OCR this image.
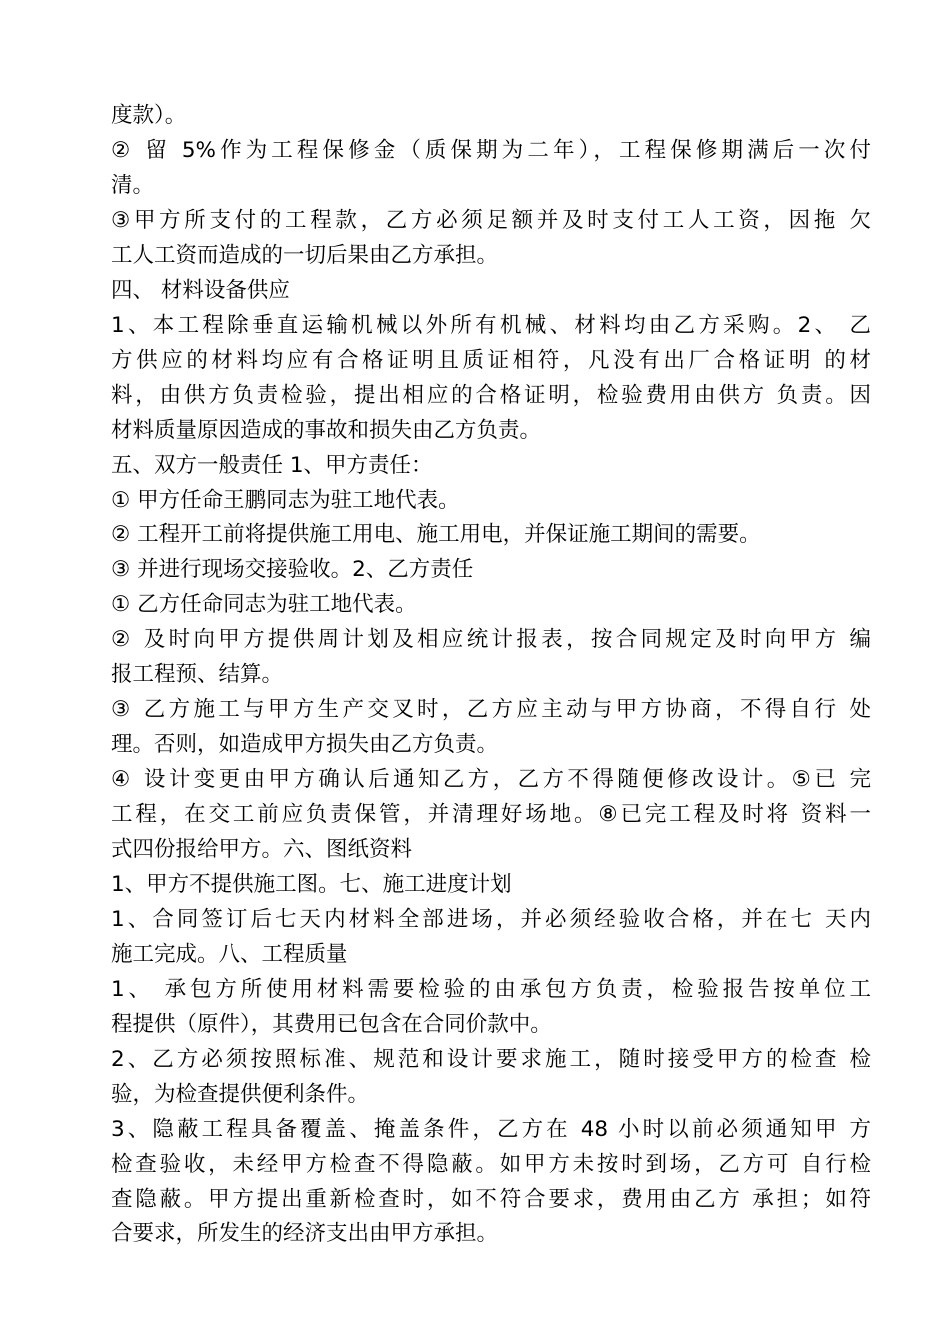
度款）。
② 留 5%作为工程保修金（质保期为二年），工程保修期满后一次付
清。
③甲方所支付的工程款，乙方必须足额并及时支付工人工资，因拖 欠
工人工资而造成的一切后果由乙方承担。
四、 材料设备供应
1、本工程除垂直运输机械以外所有机械、材料均由乙方采购。2、 乙
方供应的材料均应有合格证明且质证相符，凡没有出厂合格证明 的材
料，由供方负责检验，提出相应的合格证明，检验费用由供方 负责。因
材料质量原因造成的事故和损失由乙方负责。
五、双方一般责任 1、甲方责任：
① 甲方任命王鹏同志为驻工地代表。
② 工程开工前将提供施工用电、施工用电，并保证施工期间的需要。
③ 并进行现场交接验收。2、乙方责任
① 乙方任命同志为驻工地代表。
② 及时向甲方提供周计划及相应统计报表，按合同规定及时向甲方 编
报工程预、结算。
③ 乙方施工与甲方生产交叉时，乙方应主动与甲方协商，不得自行 处
理。否则，如造成甲方损失由乙方负责。
④ 设计变更由甲方确认后通知乙方，乙方不得随便修改设计。⑤已 完
工程，在交工前应负责保管，并清理好场地。⑧已完工程及时将 资料一
式四份报给甲方。六、图纸资料
1、甲方不提供施工图。七、施工进度计划
1、合同签订后七天内材料全部进场，并必须经验收合格，并在七 天内
施工完成。八、工程质量
1、 承包方所使用材料需要检验的由承包方负责，检验报告按单位工
程提供（原件），其费用已包含在合同价款中。
2、乙方必须按照标准、规范和设计要求施工，随时接受甲方的检查 检
验，为检查提供便利条件。
3、隐蔽工程具备覆盖、掩盖条件，乙方在 48 小时以前必须通知甲 方
检查验收，未经甲方检查不得隐蔽。如甲方未按时到场，乙方可 自行检
查隐蔽。甲方提出重新检查时，如不符合要求，费用由乙方 承担；如符
合要求，所发生的经济支出由甲方承担。
